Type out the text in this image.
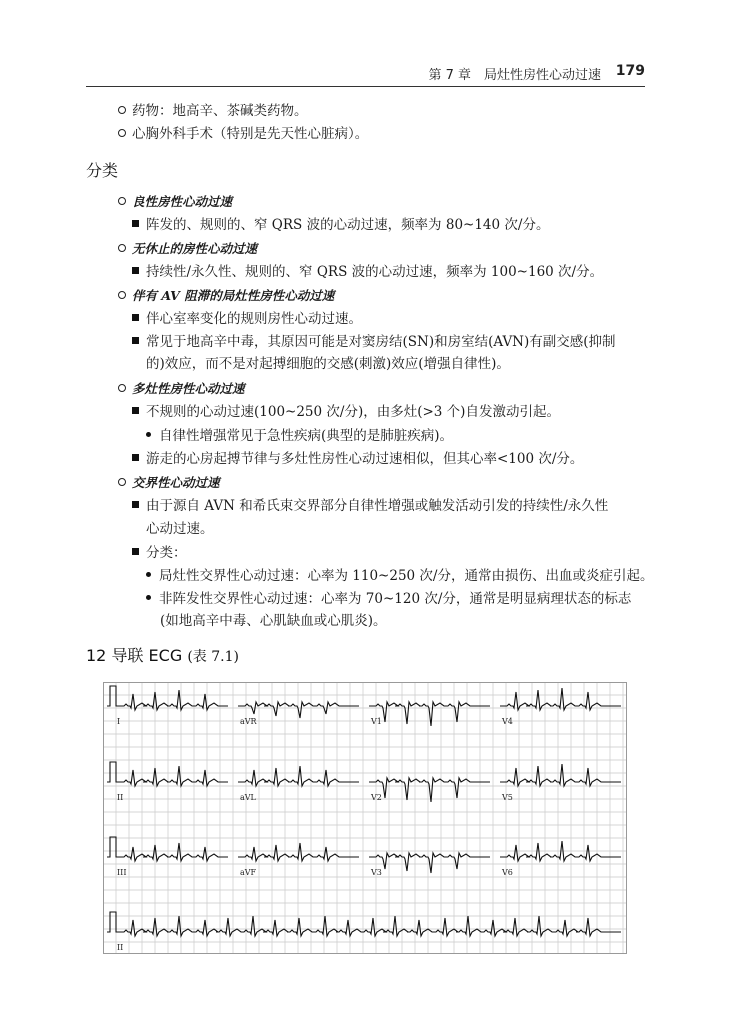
第 7 章　局灶性房性心动过速 179
药物：地高辛、茶碱类药物。
心胸外科手术（特别是先天性心脏病）。
分类
良性房性心动过速
阵发的、规则的、窄 QRS 波的心动过速，频率为 80~140 次/分。
无休止的房性心动过速
持续性/永久性、规则的、窄 QRS 波的心动过速，频率为 100~160 次/分。
伴有 AV 阻滞的局灶性房性心动过速
伴心室率变化的规则房性心动过速。
常见于地高辛中毒，其原因可能是对窦房结(SN)和房室结(AVN)有副交感(抑制
的)效应，而不是对起搏细胞的交感(刺激)效应(增强自律性)。
多灶性房性心动过速
不规则的心动过速(100~250 次/分)，由多灶(>3 个)自发激动引起。
自律性增强常见于急性疾病(典型的是肺脏疾病)。
游走的心房起搏节律与多灶性房性心动过速相似，但其心率<100 次/分。
交界性心动过速
由于源自 AVN 和希氏束交界部分自律性增强或触发活动引发的持续性/永久性
心动过速。
分类：
局灶性交界性心动过速：心率为 110~250 次/分，通常由损伤、出血或炎症引起。
非阵发性交界性心动过速：心率为 70~120 次/分，通常是明显病理状态的标志
(如地高辛中毒、心肌缺血或心肌炎)。
12 导联 ECG (表 7.1)
I	aVR	V1	V4
II	aVL	V2	V5
III	aVF	V3	V6
II
